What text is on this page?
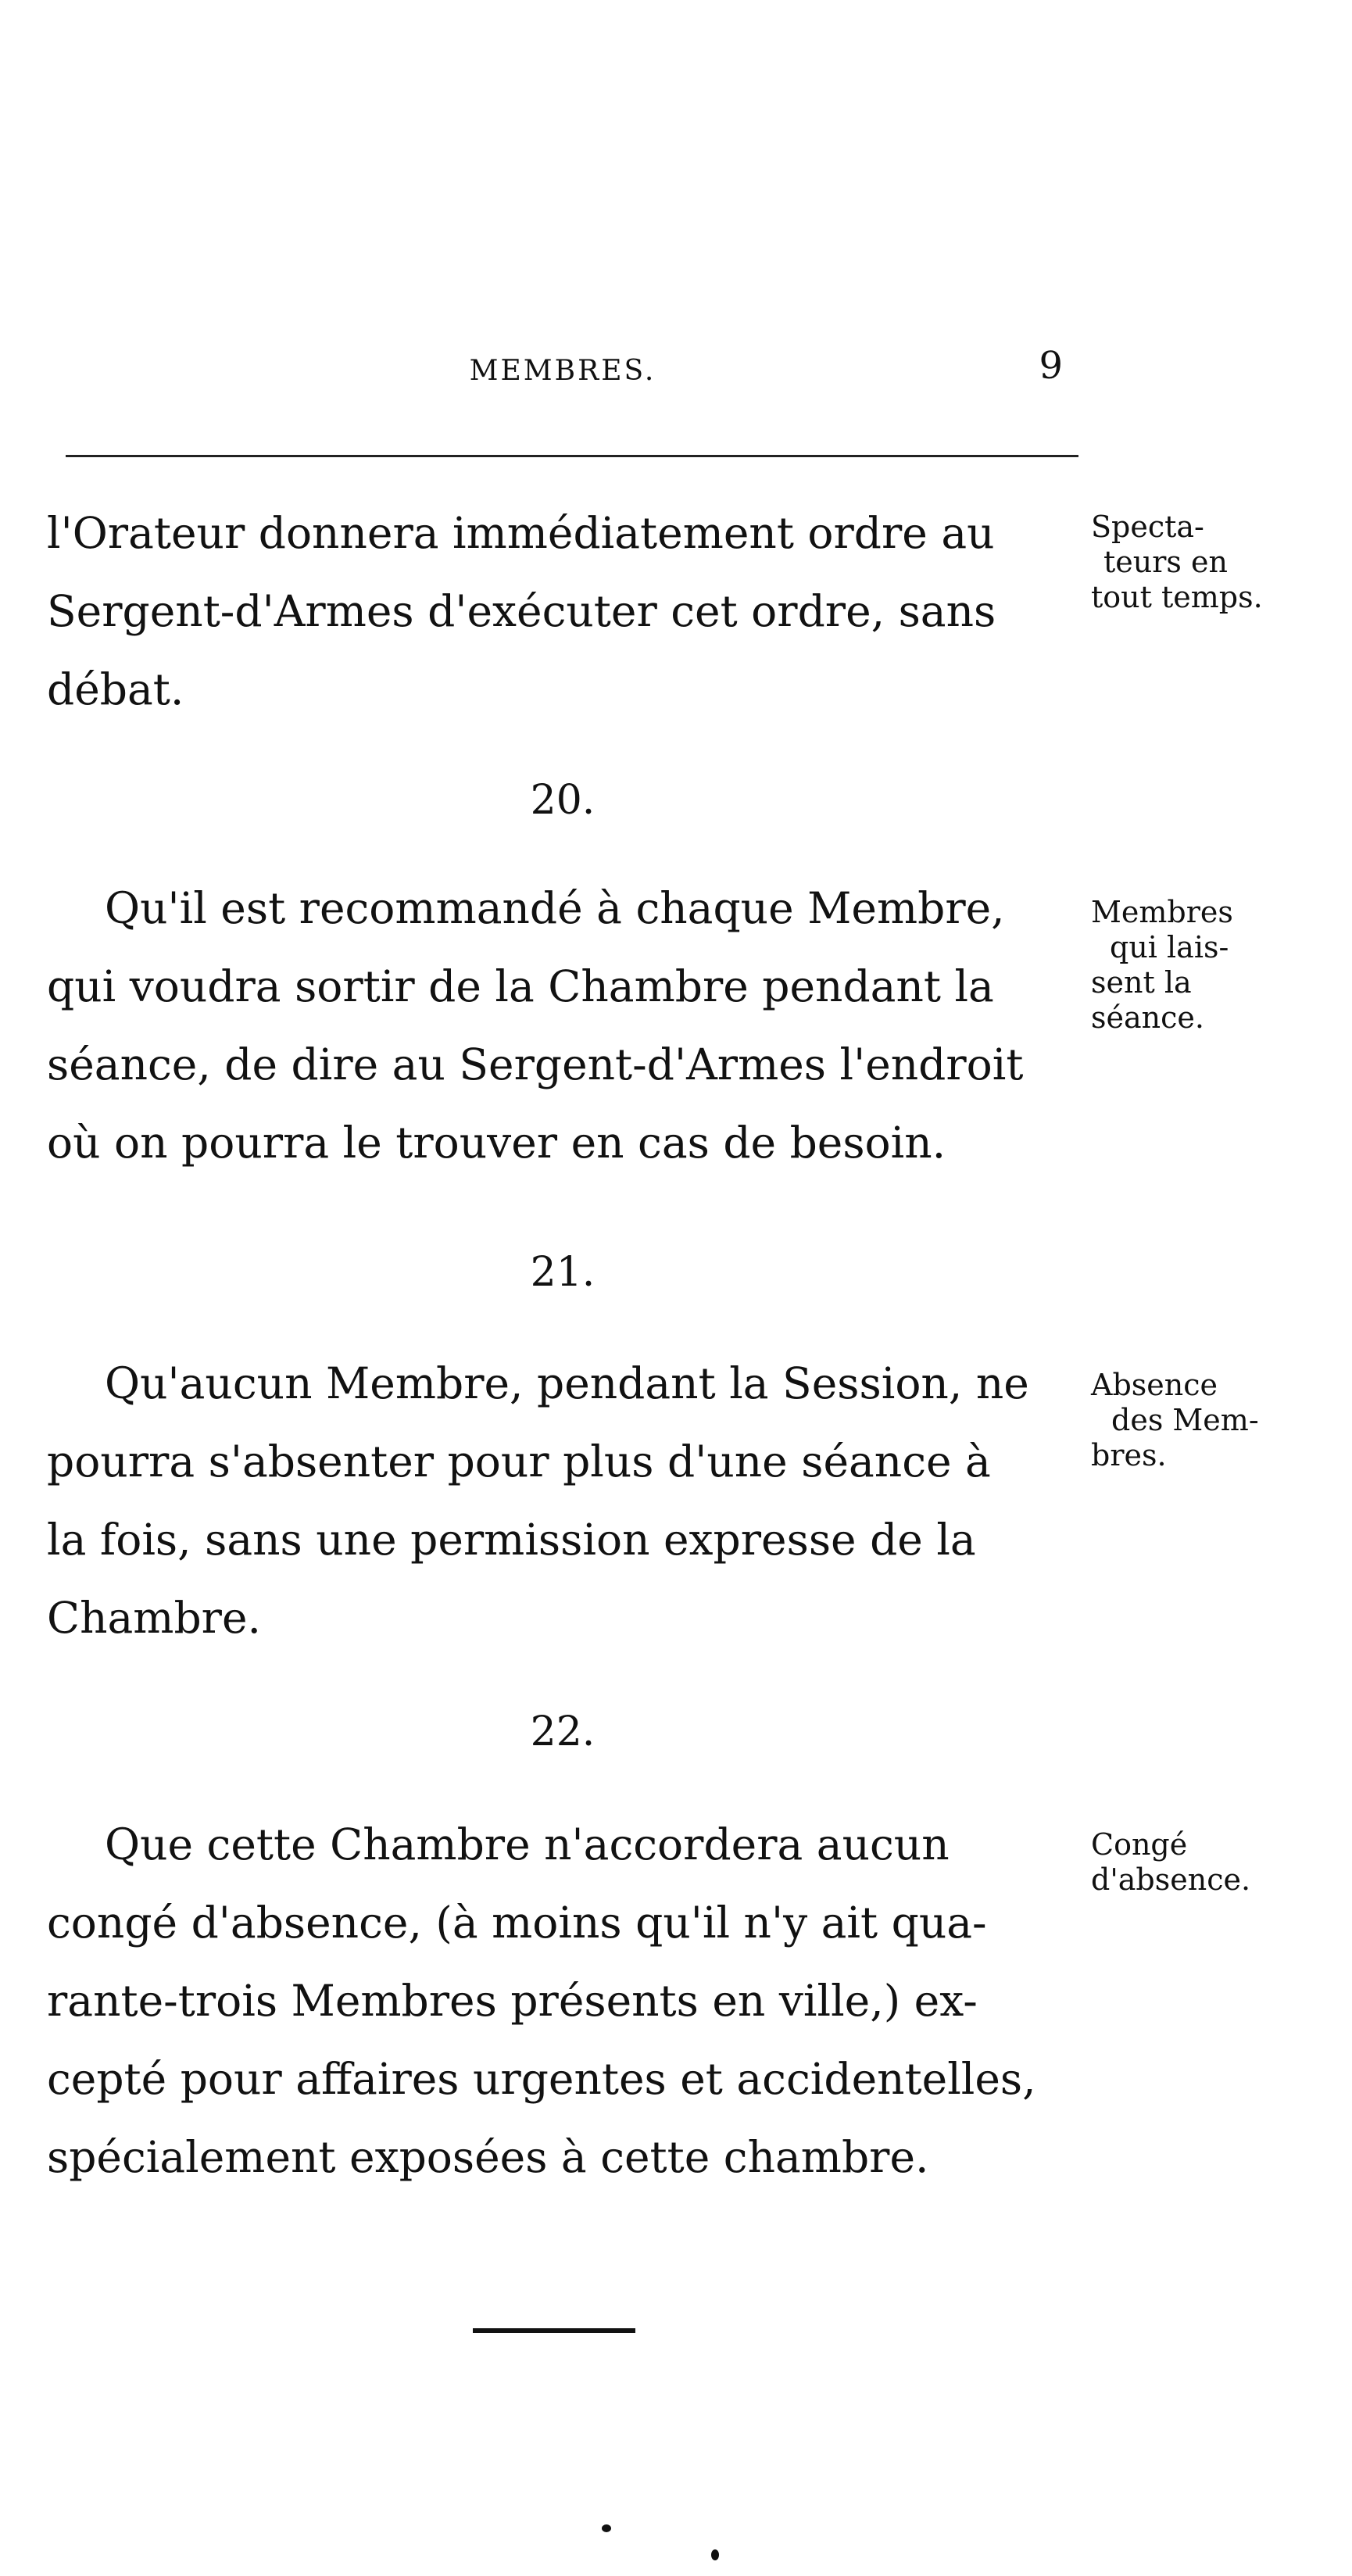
MEMBRES.	9
l'Orateur donnera immédiatement ordre au
Sergent-d'Armes d'exécuter cet ordre, sans
débat.
Specta-
teurs en
tout temps.
20.
Qu'il est recommandé à chaque Membre,
qui voudra sortir de la Chambre pendant la
séance, de dire au Sergent-d'Armes l'endroit
où on pourra le trouver en cas de besoin.
Membres
qui lais-
sent la
séance.
21.
Qu'aucun Membre, pendant la Session, ne
pourra s'absenter pour plus d'une séance à
la fois, sans une permission expresse de la
Chambre.
Absence
des Mem-
bres.
22.
Que cette Chambre n'accordera aucun
congé d'absence, (à moins qu'il n'y ait qua-
rante-trois Membres présents en ville,) ex-
cepté pour affaires urgentes et accidentelles,
spécialement exposées à cette chambre.
Congé
d'absence.
